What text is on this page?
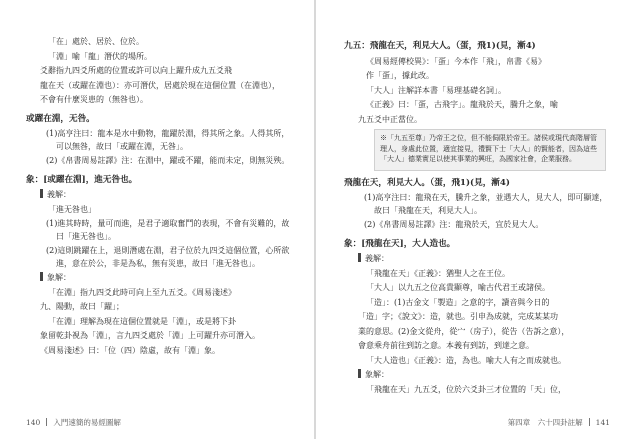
「在」處於、居於、位於。
「淵」喻「龍」潛伏的場所。
爻辭指九四爻所處的位置或許可以向上躍升成九五爻飛
龍在天（或躍在淵也）：亦可潛伏，居處於現在這個位置（在淵也），
不會有什麼災患的（無咎也）。
或躍在淵，无咎。
(1)高亨注曰：龍本是水中動物，龍躍於淵，得其所之象。人得其所，可以無咎，故曰「或躍在淵，无咎」。
(2)《帛書周易註譯》注：在淵中，躍或不躍，能而未定，則無災殃。
象：[或躍在淵]，進无咎也。
義解：
「進无咎也」
(1)進其時時，量可而進，是君子適取奮鬥的表現，不會有災難的，故曰「進无咎也」。
(2)這則跳躍在上，退則潛處在淵，君子位於九四爻這個位置，心所欲進，意在於公，非是為私，無有災患，故曰「進无咎也」。
象解：
「在淵」指九四爻此時可向上至九五爻。《周易淺述》
九、陽動，故曰「躍」；
「在淵」理解為現在這個位置就是「淵」，或是將下卦
象留乾卦視為「淵」，言九四爻處於「淵」上可躍升亦可潛入。
《周易淺述》曰：「位（四）陰虛，故有「淵」象。
140 入門速簡的易經圖解
九五：飛龍在天，利見大人。（蛋，飛1)(見，漸4)
《周易經傳校異》：「蛋」今本作「飛」，帛書《易》
作「蛋」，據此改。
「大人」注解詳本書「易理基礎名詞」。
《正義》曰：「蛋，古飛字」。龍飛於天，騰升之象，喻
九五爻中正當位。
※「九五至尊」乃帝王之位，但不能侷限於帝王。諸侯或現代高階層管理人，身處此位置，適宜接見，禮賢下士「大人」的賢能者，因為這些「大人」德業實足以使其事業的興旺，為國家社會，企業服務。
飛龍在天，利見大人。（蛋，飛1)(見，漸4)
(1)高亨注曰：龍飛在天，騰升之象，並遇大人，見大人，即可顯達，故曰「飛龍在天，利見大人」。
(2)《帛書周易註譯》注：龍飛於天，宜於見大人。
象：[飛龍在天]，大人造也。
義解：
「飛龍在天」《正義》：猶聖人之在王位。
「大人」以九五之位高貴顯尊，喻古代君王或諸侯。
「造」：(1)古金文「製造」之意的字，讀音與今日的
「造」字；《說文》：造，就也。引申為成就，完成某某功
業的意思。(2)金文從舟，從宀（房子），從告（告訴之意），
會意乘舟前往到訪之意。本義有到訪，到達之意。
「大人造也」《正義》：造，為也。喻大人有之而成就也。
象解：
「飛龍在天」九五爻，位於六爻卦三才位置的「天」位，
第四章　六十四卦註解 141
